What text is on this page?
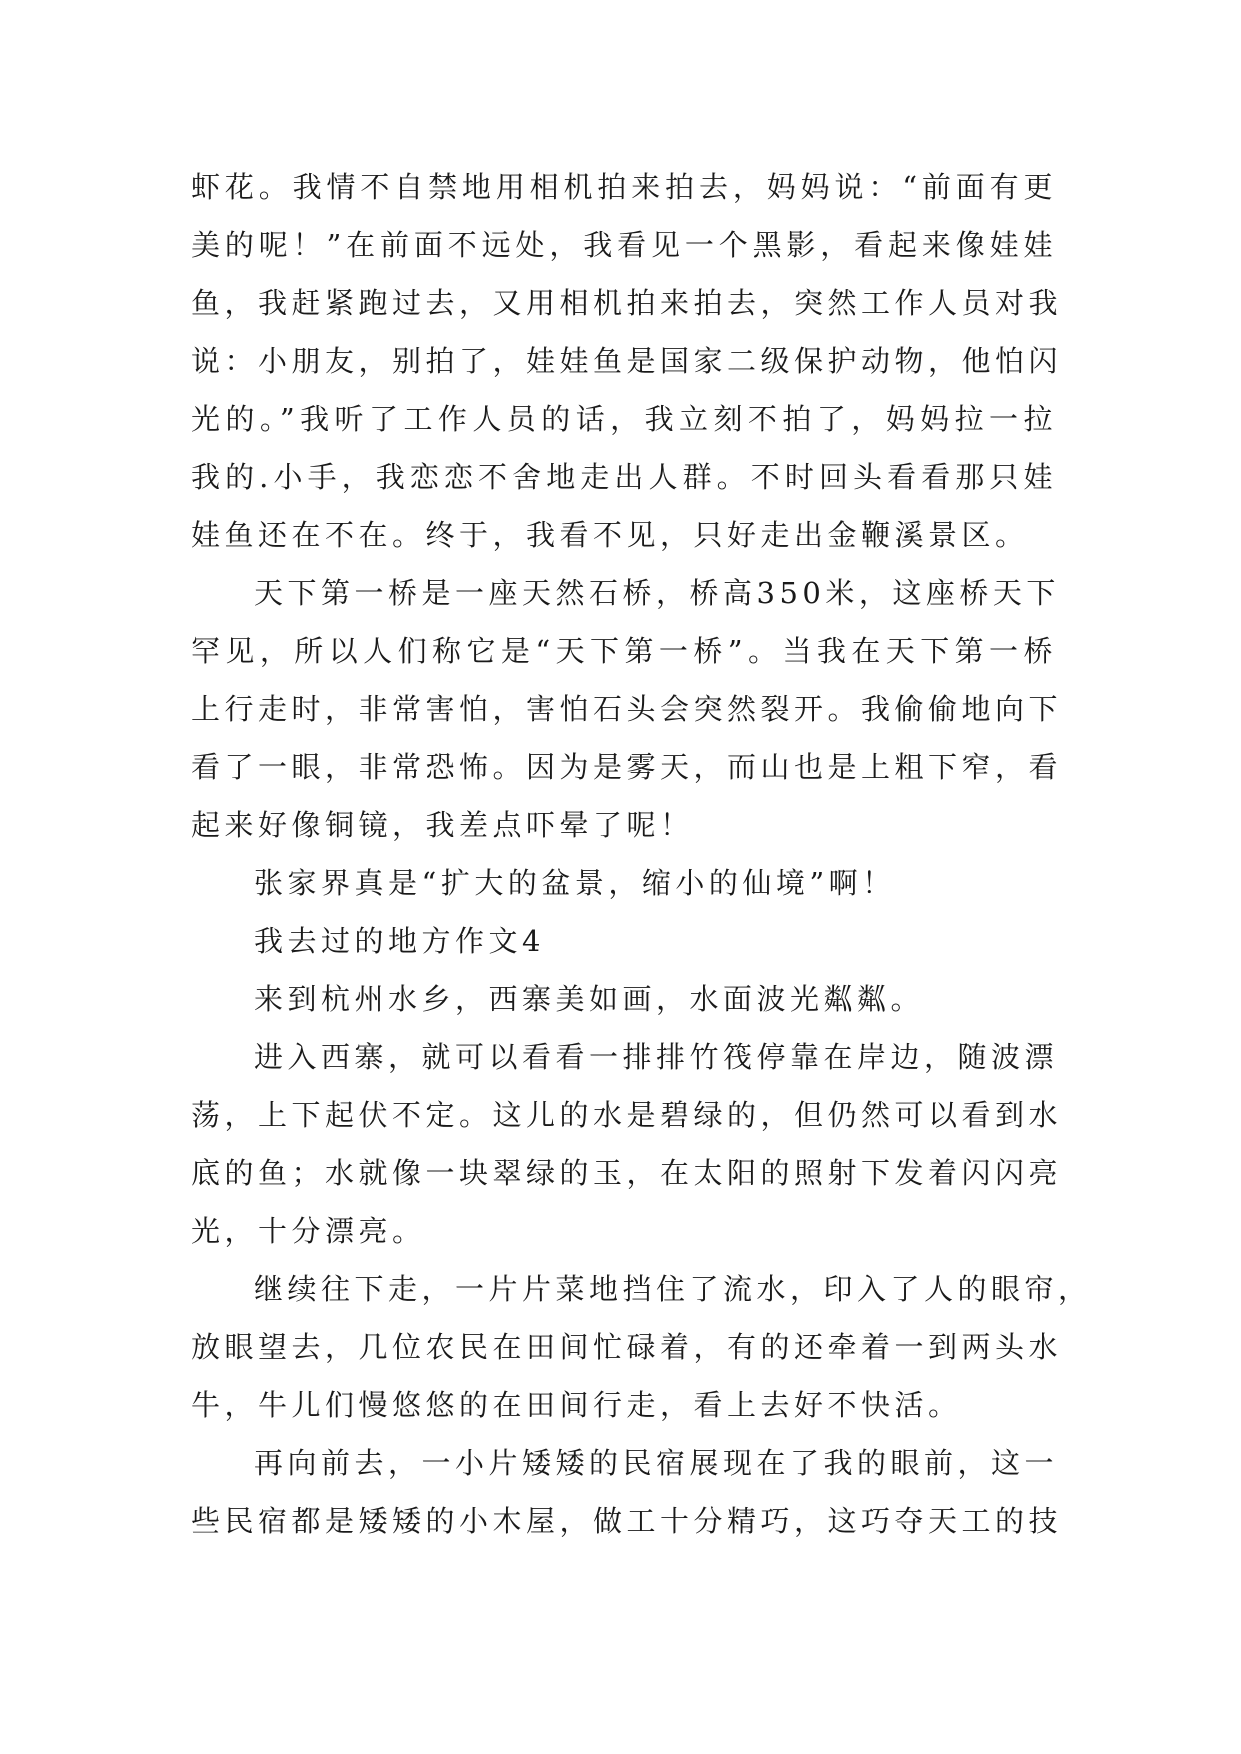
虾花。我情不自禁地用相机拍来拍去，妈妈说：“前面有更
美的呢！”在前面不远处，我看见一个黑影，看起来像娃娃
鱼，我赶紧跑过去，又用相机拍来拍去，突然工作人员对我
说：小朋友，别拍了，娃娃鱼是国家二级保护动物，他怕闪
光的。”我听了工作人员的话，我立刻不拍了，妈妈拉一拉
我的.小手，我恋恋不舍地走出人群。不时回头看看那只娃
娃鱼还在不在。终于，我看不见，只好走出金鞭溪景区。
天下第一桥是一座天然石桥，桥高350米，这座桥天下
罕见，所以人们称它是“天下第一桥”。当我在天下第一桥
上行走时，非常害怕，害怕石头会突然裂开。我偷偷地向下
看了一眼，非常恐怖。因为是雾天，而山也是上粗下窄，看
起来好像铜镜，我差点吓晕了呢！
张家界真是“扩大的盆景，缩小的仙境”啊！
我去过的地方作文4
来到杭州水乡，西寨美如画，水面波光粼粼。
进入西寨，就可以看看一排排竹筏停靠在岸边，随波漂
荡，上下起伏不定。这儿的水是碧绿的，但仍然可以看到水
底的鱼；水就像一块翠绿的玉，在太阳的照射下发着闪闪亮
光，十分漂亮。
继续往下走，一片片菜地挡住了流水，印入了人的眼帘，
放眼望去，几位农民在田间忙碌着，有的还牵着一到两头水
牛，牛儿们慢悠悠的在田间行走，看上去好不快活。
再向前去，一小片矮矮的民宿展现在了我的眼前，这一
些民宿都是矮矮的小木屋，做工十分精巧，这巧夺天工的技
